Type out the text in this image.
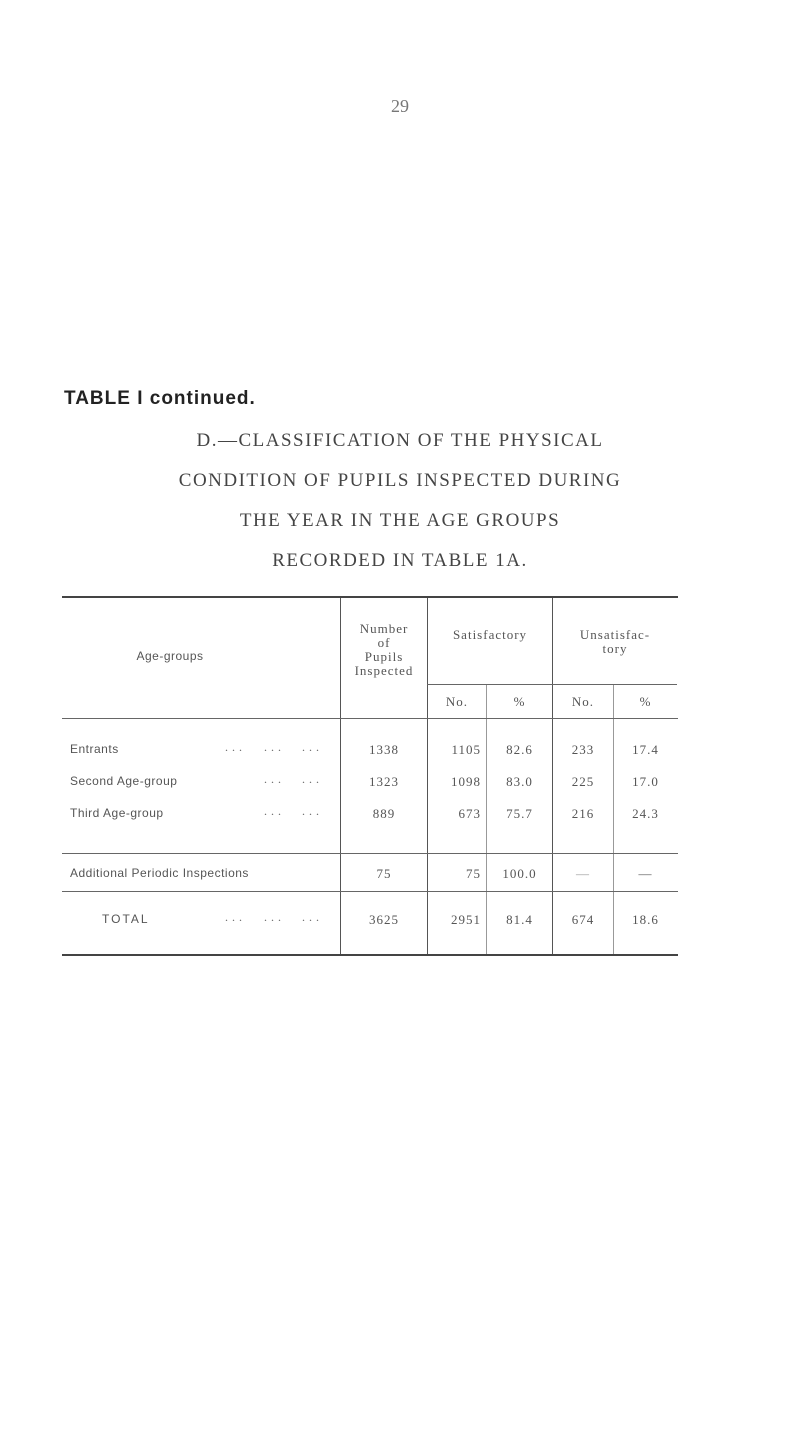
29
TABLE I continued.
D.—CLASSIFICATION OF THE PHYSICAL
CONDITION OF PUPILS INSPECTED DURING
THE YEAR IN THE AGE GROUPS
RECORDED IN TABLE 1A.
Age-groups
Number
of
Pupils
Inspected
Satisfactory	Unsatisfac-
tory
No.	%	No.	%
Entrants	... ... ...	1338	1105	82.6	233	17.4
Second Age-group	... ...	1323	1098	83.0	225	17.0
Third Age-group	... ...	889	673	75.7	216	24.3
Additional Periodic Inspections	75	75	100.0	—	—
TOTAL	... ... ...	3625	2951	81.4	674	18.6
